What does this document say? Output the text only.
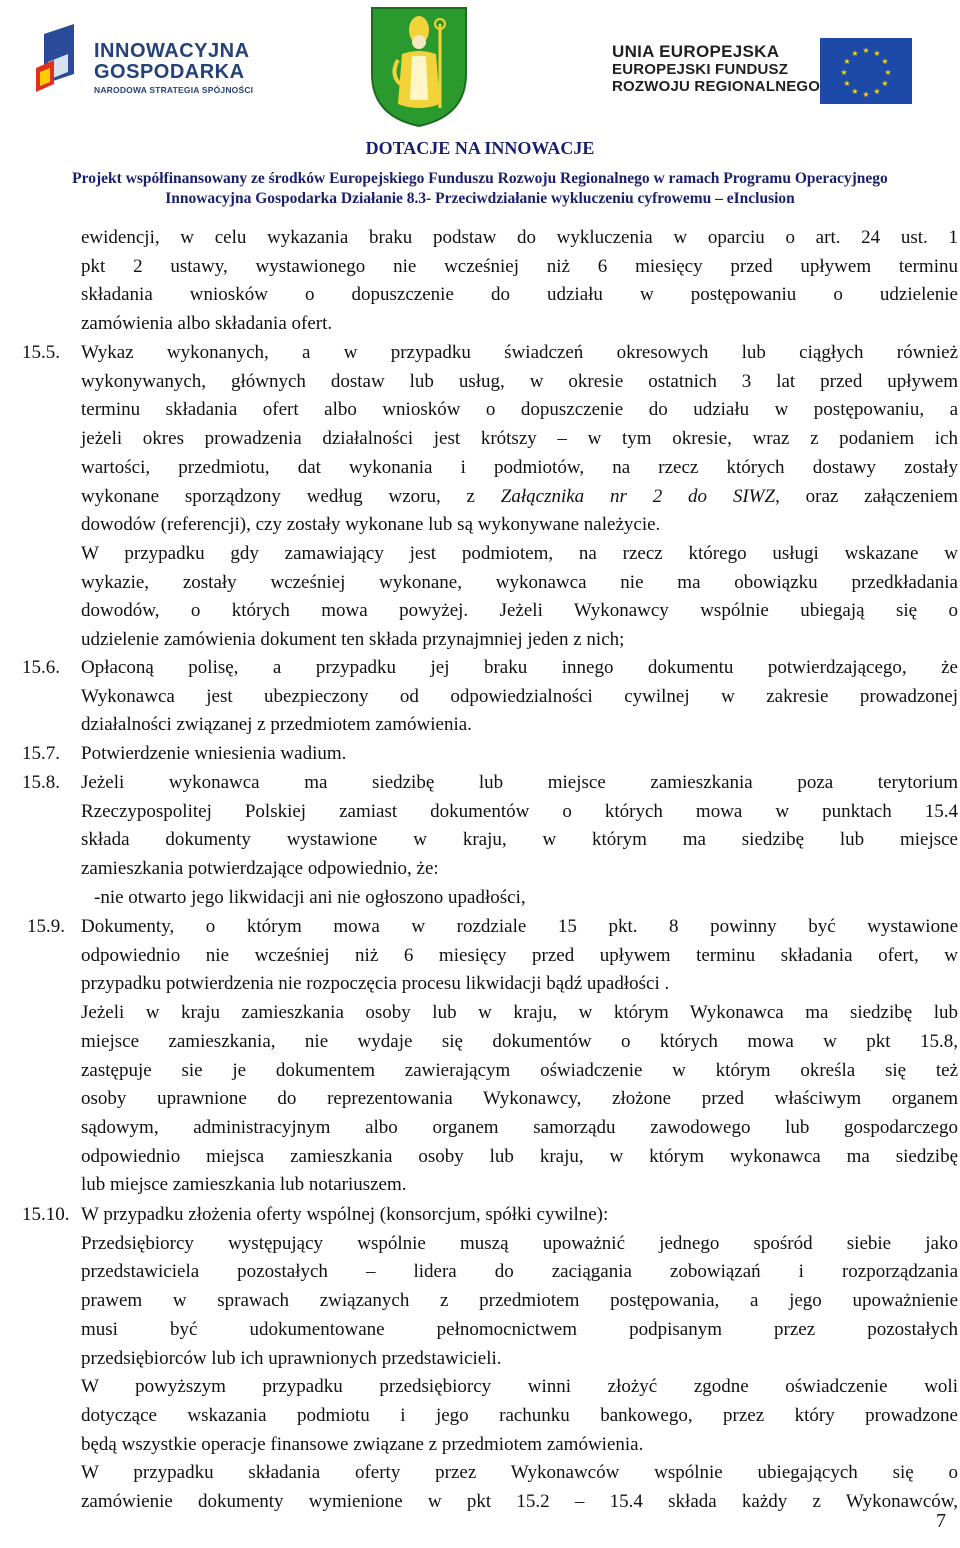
INNOWACYJNA
GOSPODARKA
NARODOWA STRATEGIA SPÓJNOŚCI
UNIA EUROPEJSKA
EUROPEJSKI FUNDUSZ
ROZWOJU REGIONALNEGO
★ ★
★
★
★
★
★
★
★
★
★
★
DOTACJE NA INNOWACJE
Projekt współfinansowany ze środków Europejskiego Funduszu Rozwoju Regionalnego w ramach Programu Operacyjnego
Innowacyjna Gospodarka Działanie 8.3- Przeciwdziałanie wykluczeniu cyfrowemu – eInclusion
ewidencji, w celu wykazania braku podstaw do wykluczenia w oparciu o art. 24 ust. 1
pkt 2 ustawy, wystawionego nie wcześniej niż 6 miesięcy przed upływem terminu
składania wniosków o dopuszczenie do udziału w postępowaniu o udzielenie
zamówienia albo składania ofert.
15.5. Wykaz wykonanych, a w przypadku świadczeń okresowych lub ciągłych również
wykonywanych, głównych dostaw lub usług, w okresie ostatnich 3 lat przed upływem
terminu składania ofert albo wniosków o dopuszczenie do udziału w postępowaniu, a
jeżeli okres prowadzenia działalności jest krótszy – w tym okresie, wraz z podaniem ich
wartości, przedmiotu, dat wykonania i podmiotów, na rzecz których dostawy zostały
wykonane sporządzony według wzoru, z Załącznika nr 2 do SIWZ, oraz załączeniem
dowodów (referencji), czy zostały wykonane lub są wykonywane należycie.
W przypadku gdy zamawiający jest podmiotem, na rzecz którego usługi wskazane w
wykazie, zostały wcześniej wykonane, wykonawca nie ma obowiązku przedkładania
dowodów, o których mowa powyżej. Jeżeli Wykonawcy wspólnie ubiegają się o
udzielenie zamówienia dokument ten składa przynajmniej jeden z nich;
15.6. Opłaconą polisę, a przypadku jej braku innego dokumentu potwierdzającego, że
Wykonawca jest ubezpieczony od odpowiedzialności cywilnej w zakresie prowadzonej
działalności związanej z przedmiotem zamówienia.
15.7. Potwierdzenie wniesienia wadium.
15.8. Jeżeli wykonawca ma siedzibę lub miejsce zamieszkania poza terytorium
Rzeczypospolitej Polskiej zamiast dokumentów o których mowa w punktach 15.4
składa dokumenty wystawione w kraju, w którym ma siedzibę lub miejsce
zamieszkania potwierdzające odpowiednio, że:
-nie otwarto jego likwidacji ani nie ogłoszono upadłości,
15.9. Dokumenty, o którym mowa w rozdziale 15 pkt. 8 powinny być wystawione
odpowiednio nie wcześniej niż 6 miesięcy przed upływem terminu składania ofert, w
przypadku potwierdzenia nie rozpoczęcia procesu likwidacji bądź upadłości .
Jeżeli w kraju zamieszkania osoby lub w kraju, w którym Wykonawca ma siedzibę lub
miejsce zamieszkania, nie wydaje się dokumentów o których mowa w pkt 15.8,
zastępuje sie je dokumentem zawierającym oświadczenie w którym określa się też
osoby uprawnione do reprezentowania Wykonawcy, złożone przed właściwym organem
sądowym, administracyjnym albo organem samorządu zawodowego lub gospodarczego
odpowiednio miejsca zamieszkania osoby lub kraju, w którym wykonawca ma siedzibę
lub miejsce zamieszkania lub notariuszem.
15.10. W przypadku złożenia oferty wspólnej (konsorcjum, spółki cywilne):
Przedsiębiorcy występujący wspólnie muszą upoważnić jednego spośród siebie jako
przedstawiciela pozostałych – lidera do zaciągania zobowiązań i rozporządzania
prawem w sprawach związanych z przedmiotem postępowania, a jego upoważnienie
musi być udokumentowane pełnomocnictwem podpisanym przez pozostałych
przedsiębiorców lub ich uprawnionych przedstawicieli.
W powyższym przypadku przedsiębiorcy winni złożyć zgodne oświadczenie woli
dotyczące wskazania podmiotu i jego rachunku bankowego, przez który prowadzone
będą wszystkie operacje finansowe związane z przedmiotem zamówienia.
W przypadku składania oferty przez Wykonawców wspólnie ubiegających się o
zamówienie dokumenty wymienione w pkt 15.2 – 15.4 składa każdy z Wykonawców,
7
